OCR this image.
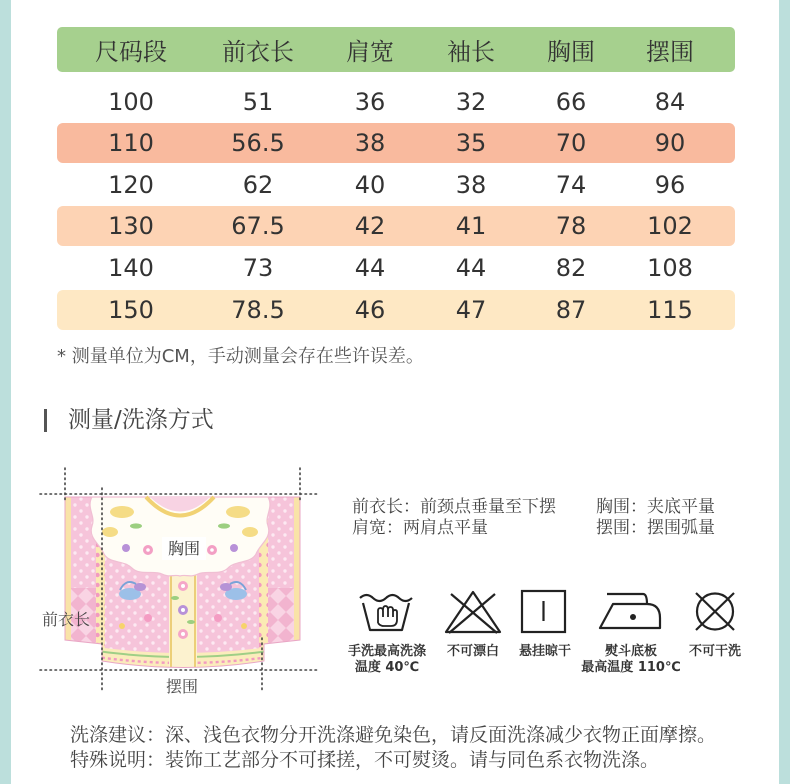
尺码段	前衣长	肩宽	袖长	胸围	摆围
100	51	36	32	66	84
110	56.5	38	35	70	90
120	62	40	38	74	96
130	67.5	42	41	78	102
140	73	44	44	82	108
150	78.5	46	47	87	115
* 测量单位为CM，手动测量会存在些许误差。
测量/洗涤方式
胸围
前衣长
摆围
前衣长：前颈点垂量至下摆 胸围：夹底平量
肩宽：两肩点平量	摆围：摆围弧量
手洗最高洗涤
温度 40℃
不可漂白	悬挂晾干	熨斗底板
最高温度 110℃
不可干洗
洗涤建议：深、浅色衣物分开洗涤避免染色，请反面洗涤减少衣物正面摩擦。
特殊说明：装饰工艺部分不可揉搓，不可熨烫。请与同色系衣物洗涤。
